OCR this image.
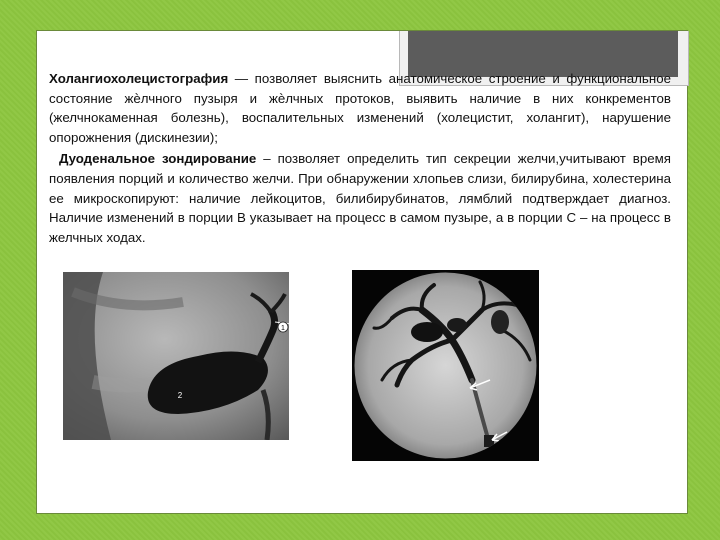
Холангиохолецистография — позволяет выяснить анатомическое строение и функциональное состояние жѐлчного пузыря и жѐлчных протоков, выявить наличие в них конкрементов (желчнокаменная болезнь), воспалительных изменений (холецистит, холангит), нарушение опорожнения (дискинезии);

Дуоденальное зондирование – позволяет определить тип секреции желчи,учитывают время появления порций и количество желчи. При обнаружении хлопьев слизи, билирубина, холестерина ее микроскопируют: наличие лейкоцитов, билибирубинатов, лямблий подтверждает диагноз. Наличие изменений в порции В указывает на процесс в самом пузыре, а в порции С – на процесс в желчных ходах.

1
2
